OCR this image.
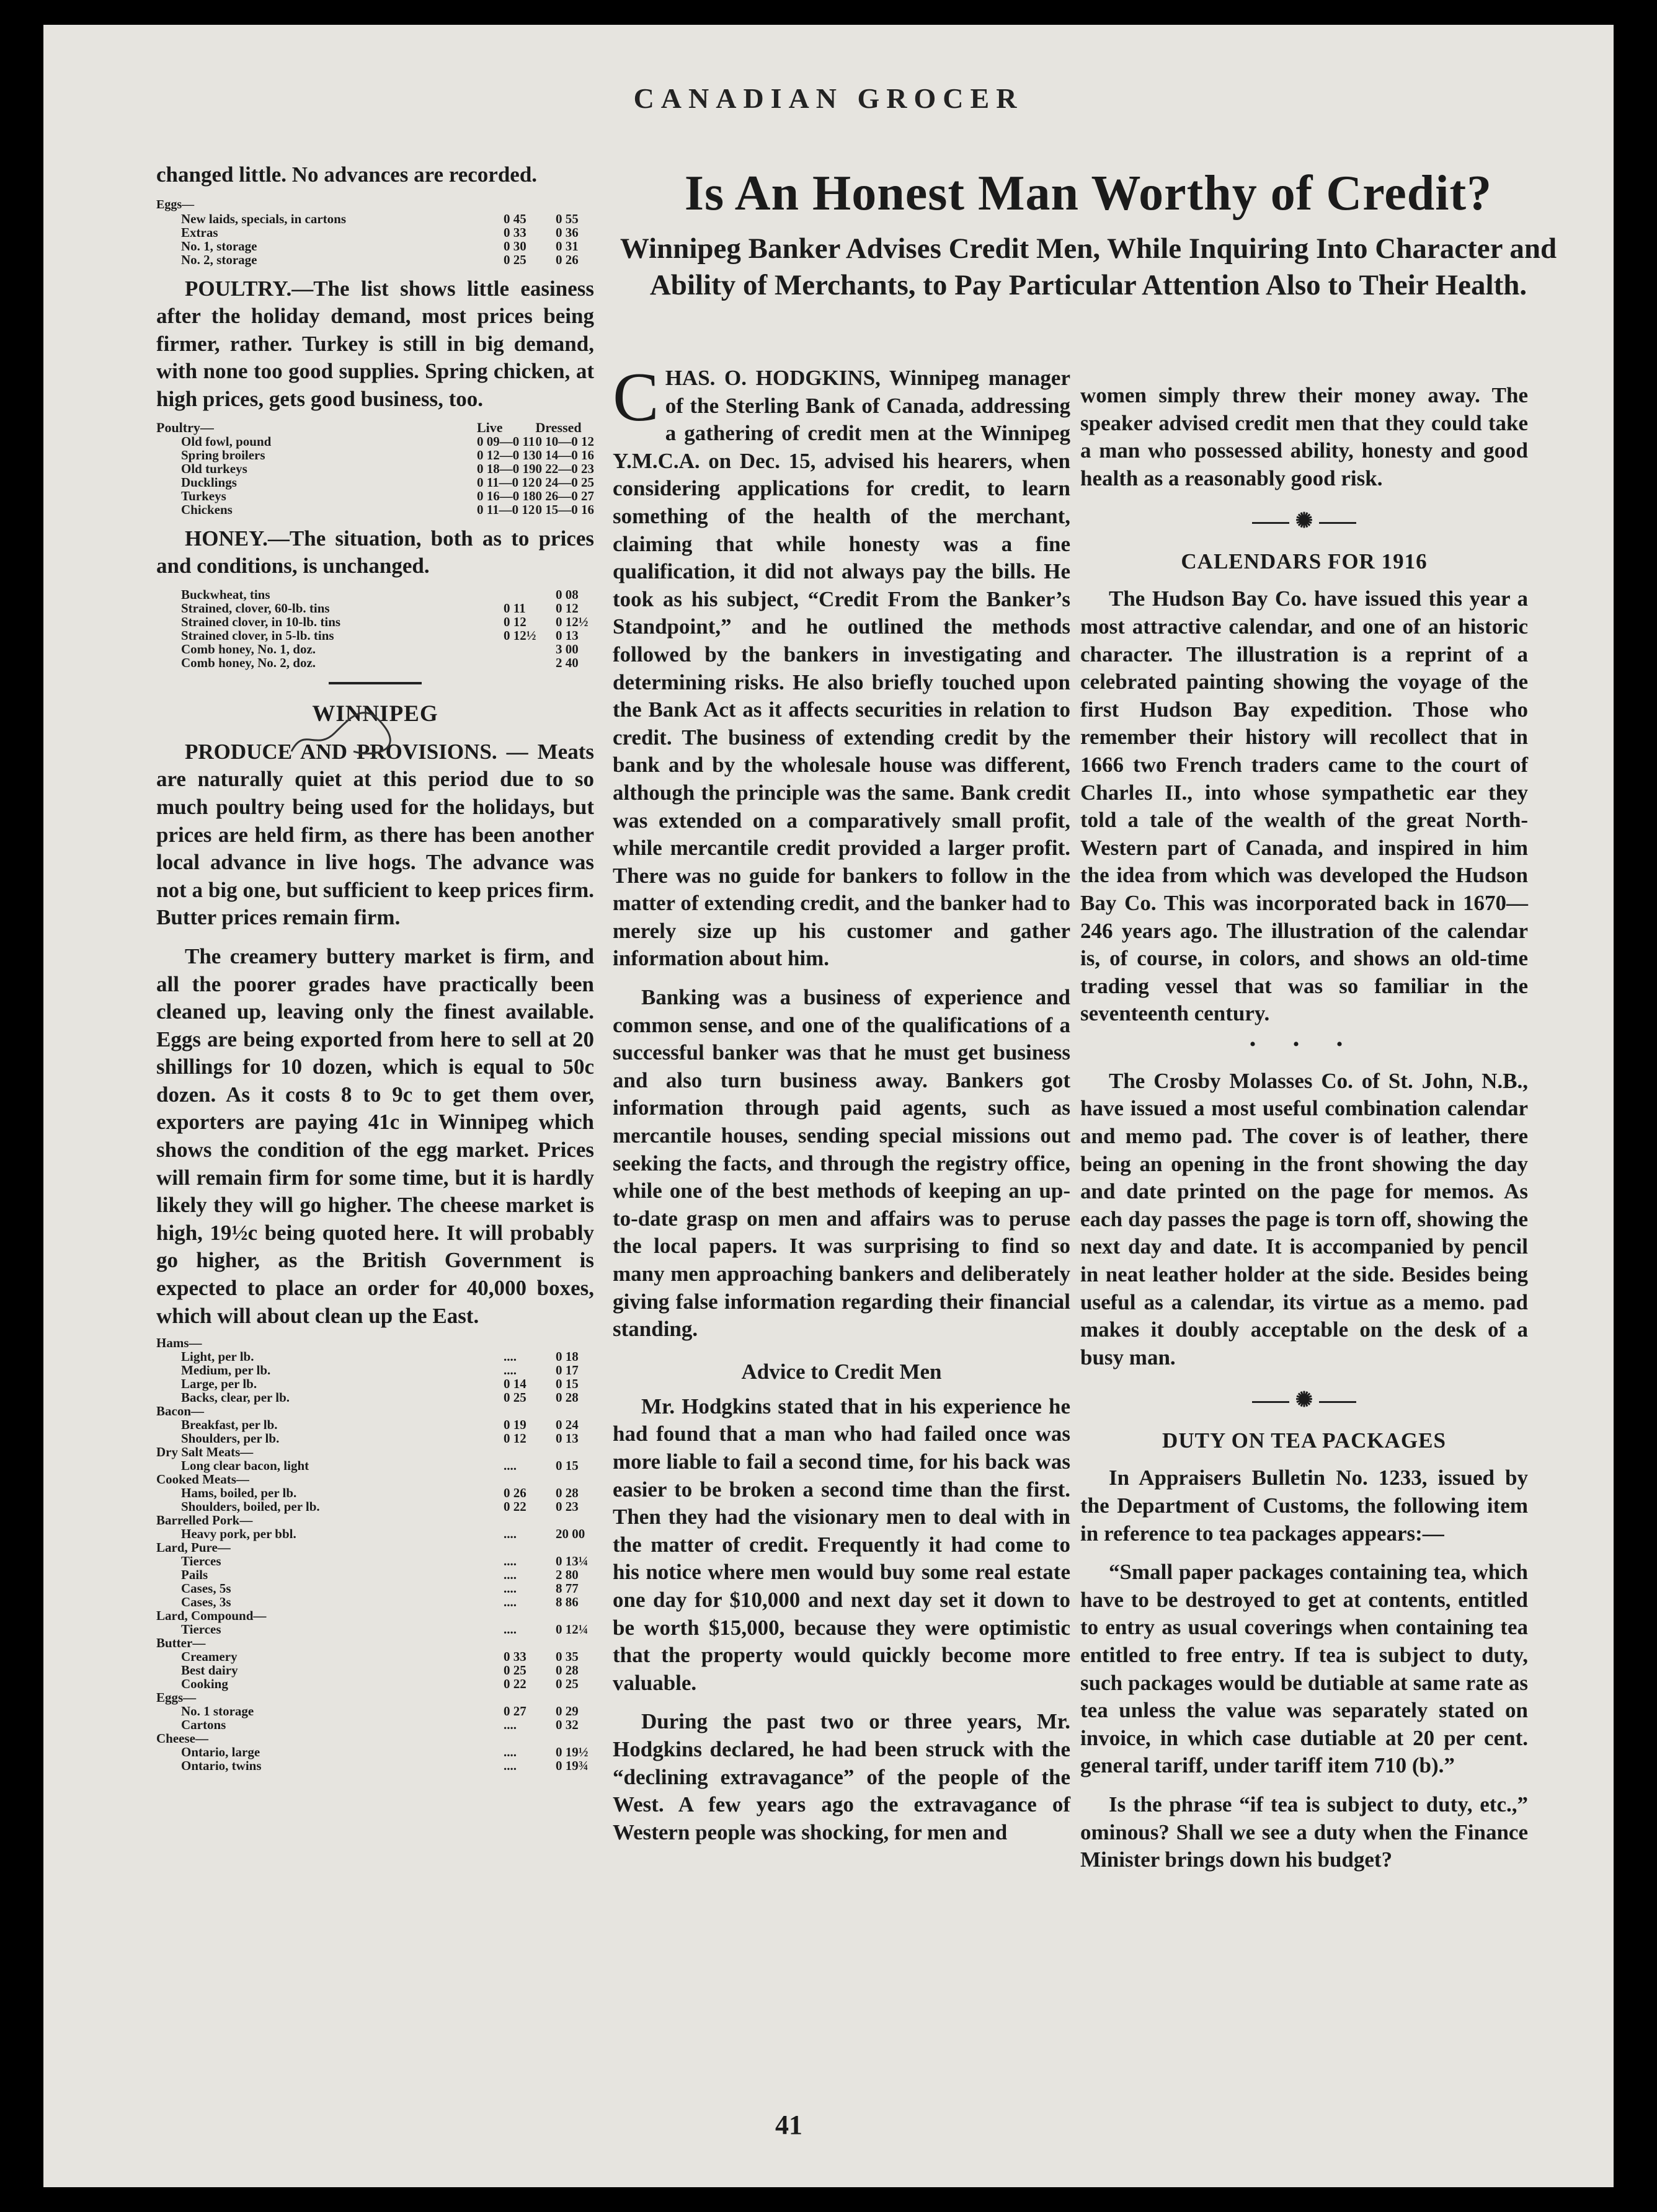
CANADIAN GROCER

changed little. No advances are recorded.

Eggs—
New laids, specials, in cartons	0 45	0 55
Extras	0 33	0 36
No. 1, storage	0 30	0 31
No. 2, storage	0 25	0 26

POULTRY.—The list shows little easiness after the holiday demand, most prices being firmer, rather. Turkey is still in big demand, with none too good supplies. Spring chicken, at high prices, gets good business, too.

Poultry—	Live	Dressed
Old fowl, pound	0 09—0 11	0 10—0 12
Spring broilers	0 12—0 13	0 14—0 16
Old turkeys	0 18—0 19	0 22—0 23
Ducklings	0 11—0 12	0 24—0 25
Turkeys	0 16—0 18	0 26—0 27
Chickens	0 11—0 12	0 15—0 16

HONEY.—The situation, both as to prices and conditions, is unchanged.

Buckwheat, tins		0 08
Strained, clover, 60-lb. tins	0 11	0 12
Strained clover, in 10-lb. tins	0 12	0 12½
Strained clover, in 5-lb. tins	0 12½	0 13
Comb honey, No. 1, doz.		3 00
Comb honey, No. 2, doz.		2 40
WINNIPEG

PRODUCE AND PROVISIONS. — Meats are naturally quiet at this period due to so much poultry being used for the holidays, but prices are held firm, as there has been another local advance in live hogs. The advance was not a big one, but sufficient to keep prices firm. Butter prices remain firm.

The creamery buttery market is firm, and all the poorer grades have practically been cleaned up, leaving only the finest available. Eggs are being exported from here to sell at 20 shillings for 10 dozen, which is equal to 50c dozen. As it costs 8 to 9c to get them over, exporters are paying 41c in Winnipeg which shows the condition of the egg market. Prices will remain firm for some time, but it is hardly likely they will go higher. The cheese market is high, 19½c being quoted here. It will probably go higher, as the British Government is expected to place an order for 40,000 boxes, which will about clean up the East.

Hams—		
Light, per lb.	....	0 18
Medium, per lb.	....	0 17
Large, per lb.	0 14	0 15
Backs, clear, per lb.	0 25	0 28
Bacon—		
Breakfast, per lb.	0 19	0 24
Shoulders, per lb.	0 12	0 13
Dry Salt Meats—		
Long clear bacon, light	....	0 15
Cooked Meats—		
Hams, boiled, per lb.	0 26	0 28
Shoulders, boiled, per lb.	0 22	0 23
Barrelled Pork—		
Heavy pork, per bbl.	....	20 00
Lard, Pure—		
Tierces	....	0 13¼
Pails	....	2 80
Cases, 5s	....	8 77
Cases, 3s	....	8 86
Lard, Compound—		
Tierces	....	0 12¼
Butter—		
Creamery	0 33	0 35
Best dairy	0 25	0 28
Cooking	0 22	0 25
Eggs—		
No. 1 storage	0 27	0 29
Cartons	....	0 32
Cheese—		
Ontario, large	....	0 19½
Ontario, twins	....	0 19¾
Is An Honest Man Worthy of Credit?
Winnipeg Banker Advises Credit Men, While Inquiring Into Character and Ability of Merchants, to Pay Particular Attention Also to Their Health.

C HAS. O. HODGKINS, Winnipeg manager of the Sterling Bank of Canada, addressing a gathering of credit men at the Winnipeg Y.M.C.A. on Dec. 15, advised his hearers, when considering applications for credit, to learn something of the health of the merchant, claiming that while honesty was a fine qualification, it did not always pay the bills. He took as his subject, “Credit From the Banker’s Standpoint,” and he outlined the methods followed by the bankers in investigating and determining risks. He also briefly touched upon the Bank Act as it affects securities in relation to credit. The business of extending credit by the bank and by the wholesale house was different, although the principle was the same. Bank credit was extended on a comparatively small profit, while mercantile credit provided a larger profit. There was no guide for bankers to follow in the matter of extending credit, and the banker had to merely size up his customer and gather information about him.

Banking was a business of experience and common sense, and one of the qualifications of a successful banker was that he must get business and also turn business away. Bankers got information through paid agents, such as mercantile houses, sending special missions out seeking the facts, and through the registry office, while one of the best methods of keeping an up-to-date grasp on men and affairs was to peruse the local papers. It was surprising to find so many men approaching bankers and deliberately giving false information regarding their financial standing.

Advice to Credit Men

Mr. Hodgkins stated that in his experience he had found that a man who had failed once was more liable to fail a second time, for his back was easier to be broken a second time than the first. Then they had the visionary men to deal with in the matter of credit. Frequently it had come to his notice where men would buy some real estate one day for $10,000 and next day set it down to be worth $15,000, because they were optimistic that the property would quickly become more valuable.

During the past two or three years, Mr. Hodgkins declared, he had been struck with the “declining extravagance” of the people of the West. A few years ago the extravagance of Western people was shocking, for men and

women simply threw their money away. The speaker advised credit men that they could take a man who possessed ability, honesty and good health as a reasonably good risk.

✺
CALENDARS FOR 1916

The Hudson Bay Co. have issued this year a most attractive calendar, and one of an historic character. The illustration is a reprint of a celebrated painting showing the voyage of the first Hudson Bay expedition. Those who remember their history will recollect that in 1666 two French traders came to the court of Charles II., into whose sympathetic ear they told a tale of the wealth of the great North-Western part of Canada, and inspired in him the idea from which was developed the Hudson Bay Co. This was incorporated back in 1670—246 years ago. The illustration of the calendar is, of course, in colors, and shows an old-time trading vessel that was so familiar in the seventeenth century.

• • •

The Crosby Molasses Co. of St. John, N.B., have issued a most useful combination calendar and memo pad. The cover is of leather, there being an opening in the front showing the day and date printed on the page for memos. As each day passes the page is torn off, showing the next day and date. It is accompanied by pencil in neat leather holder at the side. Besides being useful as a calendar, its virtue as a memo. pad makes it doubly acceptable on the desk of a busy man.

✺
DUTY ON TEA PACKAGES

In Appraisers Bulletin No. 1233, issued by the Department of Customs, the following item in reference to tea packages appears:—

“Small paper packages containing tea, which have to be destroyed to get at contents, entitled to entry as usual coverings when containing tea entitled to free entry. If tea is subject to duty, such packages would be dutiable at same rate as tea unless the value was separately stated on invoice, in which case dutiable at 20 per cent. general tariff, under tariff item 710 (b).”

Is the phrase “if tea is subject to duty, etc.,” ominous? Shall we see a duty when the Finance Minister brings down his budget?

41
